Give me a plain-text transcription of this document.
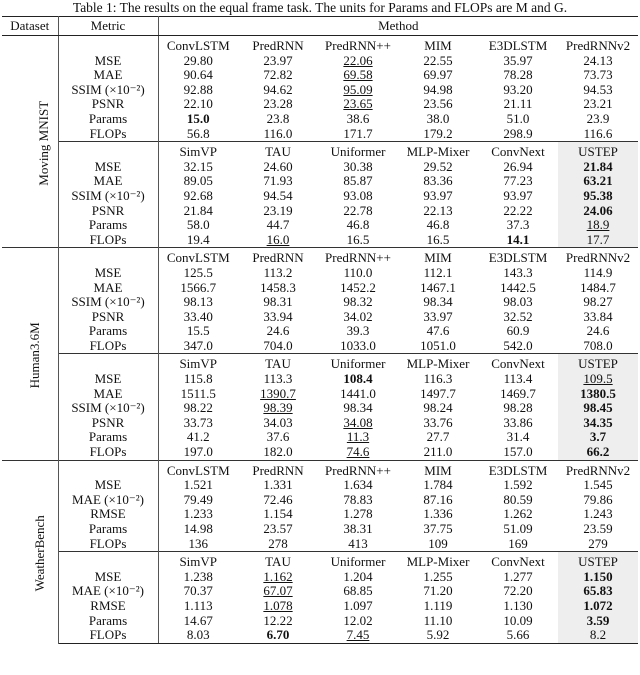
Table 1: The results on the equal frame task. The units for Params and FLOPs are M and G.
Dataset	Metric	Method					
Moving MNIST		ConvLSTM	PredRNN	PredRNN++	MIM	E3DLSTM	PredRNNv2
	MSE	29.80	23.97	22.06	22.55	35.97	24.13
	MAE	90.64	72.82	69.58	69.97	78.28	73.73
	SSIM (×10⁻²)	92.88	94.62	95.09	94.98	93.20	94.53
	PSNR	22.10	23.28	23.65	23.56	21.11	23.21
	Params	15.0	23.8	38.6	38.0	51.0	23.9
	FLOPs	56.8	116.0	171.7	179.2	298.9	116.6
		SimVP	TAU	Uniformer	MLP-Mixer	ConvNext	USTEP
	MSE	32.15	24.60	30.38	29.52	26.94	21.84
	MAE	89.05	71.93	85.87	83.36	77.23	63.21
	SSIM (×10⁻²)	92.68	94.54	93.08	93.97	93.97	95.38
	PSNR	21.84	23.19	22.78	22.13	22.22	24.06
	Params	58.0	44.7	46.8	46.8	37.3	18.9
	FLOPs	19.4	16.0	16.5	16.5	14.1	17.7
Human3.6M		ConvLSTM	PredRNN	PredRNN++	MIM	E3DLSTM	PredRNNv2
	MSE	125.5	113.2	110.0	112.1	143.3	114.9
	MAE	1566.7	1458.3	1452.2	1467.1	1442.5	1484.7
	SSIM (×10⁻²)	98.13	98.31	98.32	98.34	98.03	98.27
	PSNR	33.40	33.94	34.02	33.97	32.52	33.84
	Params	15.5	24.6	39.3	47.6	60.9	24.6
	FLOPs	347.0	704.0	1033.0	1051.0	542.0	708.0
		SimVP	TAU	Uniformer	MLP-Mixer	ConvNext	USTEP
	MSE	115.8	113.3	108.4	116.3	113.4	109.5
	MAE	1511.5	1390.7	1441.0	1497.7	1469.7	1380.5
	SSIM (×10⁻²)	98.22	98.39	98.34	98.24	98.28	98.45
	PSNR	33.73	34.03	34.08	33.76	33.86	34.35
	Params	41.2	37.6	11.3	27.7	31.4	3.7
	FLOPs	197.0	182.0	74.6	211.0	157.0	66.2
WeatherBench		ConvLSTM	PredRNN	PredRNN++	MIM	E3DLSTM	PredRNNv2
	MSE	1.521	1.331	1.634	1.784	1.592	1.545
	MAE (×10⁻²)	79.49	72.46	78.83	87.16	80.59	79.86
	RMSE	1.233	1.154	1.278	1.336	1.262	1.243
	Params	14.98	23.57	38.31	37.75	51.09	23.59
	FLOPs	136	278	413	109	169	279
		SimVP	TAU	Uniformer	MLP-Mixer	ConvNext	USTEP
	MSE	1.238	1.162	1.204	1.255	1.277	1.150
	MAE (×10⁻²)	70.37	67.07	68.85	71.20	72.20	65.83
	RMSE	1.113	1.078	1.097	1.119	1.130	1.072
	Params	14.67	12.22	12.02	11.10	10.09	3.59
	FLOPs	8.03	6.70	7.45	5.92	5.66	8.2
